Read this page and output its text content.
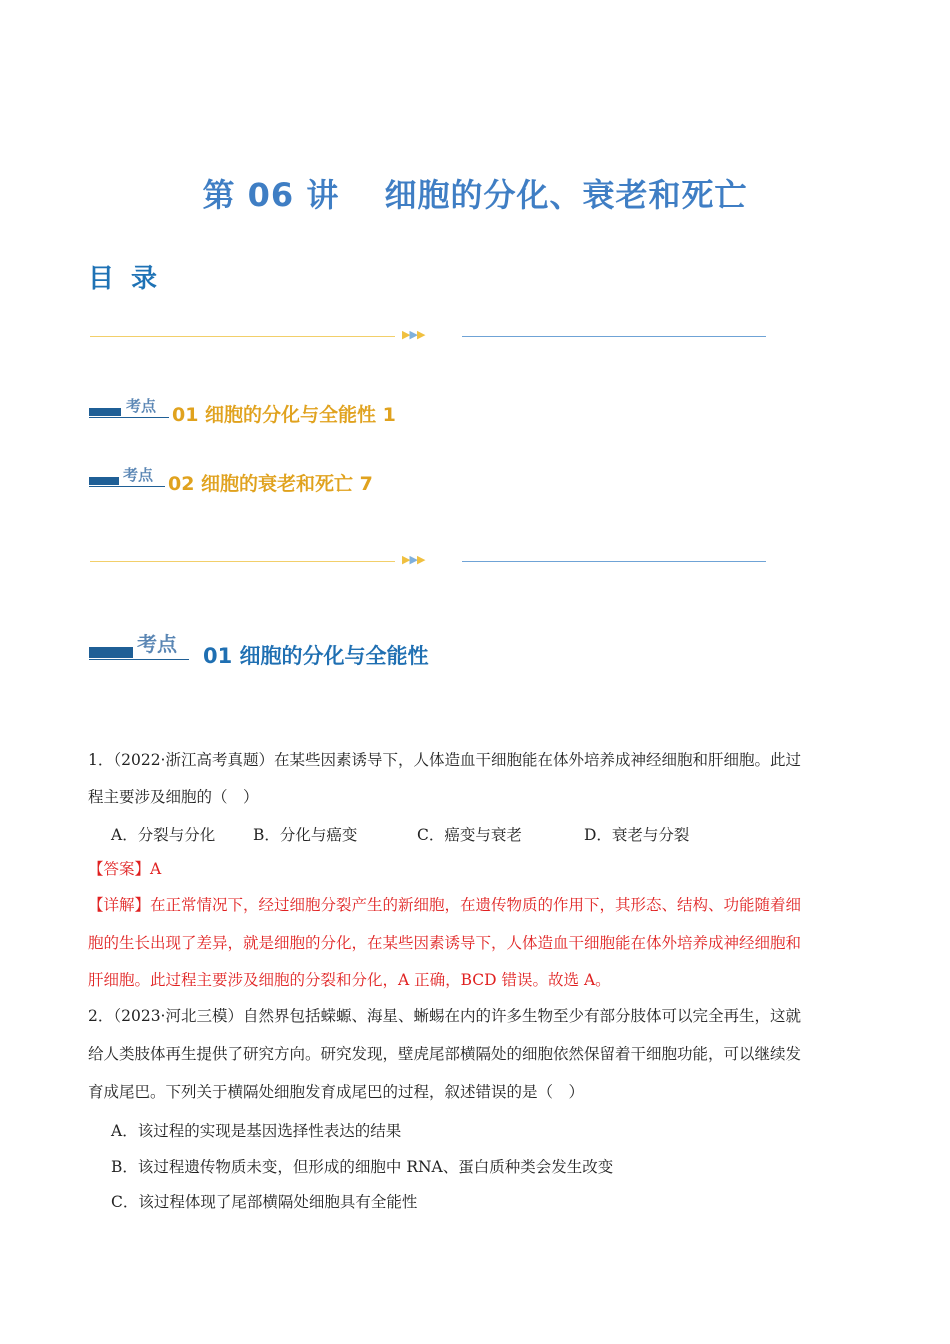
第 06 讲　 细胞的分化、衰老和死亡
目 录
▶▶▶
考点 01 细胞的分化与全能性 1
考点 02 细胞的衰老和死亡 7
▶▶▶
考点 01 细胞的分化与全能性
1．（2022·浙江高考真题）在某些因素诱导下，人体造血干细胞能在体外培养成神经细胞和肝细胞。此过
程主要涉及细胞的（　）
A．分裂与分化 B．分化与癌变	C．癌变与衰老	D．衰老与分裂
【答案】A
【详解】在正常情况下，经过细胞分裂产生的新细胞，在遗传物质的作用下，其形态、结构、功能随着细
胞的生长出现了差异，就是细胞的分化，在某些因素诱导下，人体造血干细胞能在体外培养成神经细胞和
肝细胞。此过程主要涉及细胞的分裂和分化，A 正确，BCD 错误。故选 A。
2．（2023·河北三模）自然界包括蝾螈、海星、蜥蜴在内的许多生物至少有部分肢体可以完全再生，这就
给人类肢体再生提供了研究方向。研究发现，壁虎尾部横隔处的细胞依然保留着干细胞功能，可以继续发
育成尾巴。下列关于横隔处细胞发育成尾巴的过程，叙述错误的是（　）
A．该过程的实现是基因选择性表达的结果
B．该过程遗传物质未变，但形成的细胞中 RNA、蛋白质种类会发生改变
C．该过程体现了尾部横隔处细胞具有全能性
